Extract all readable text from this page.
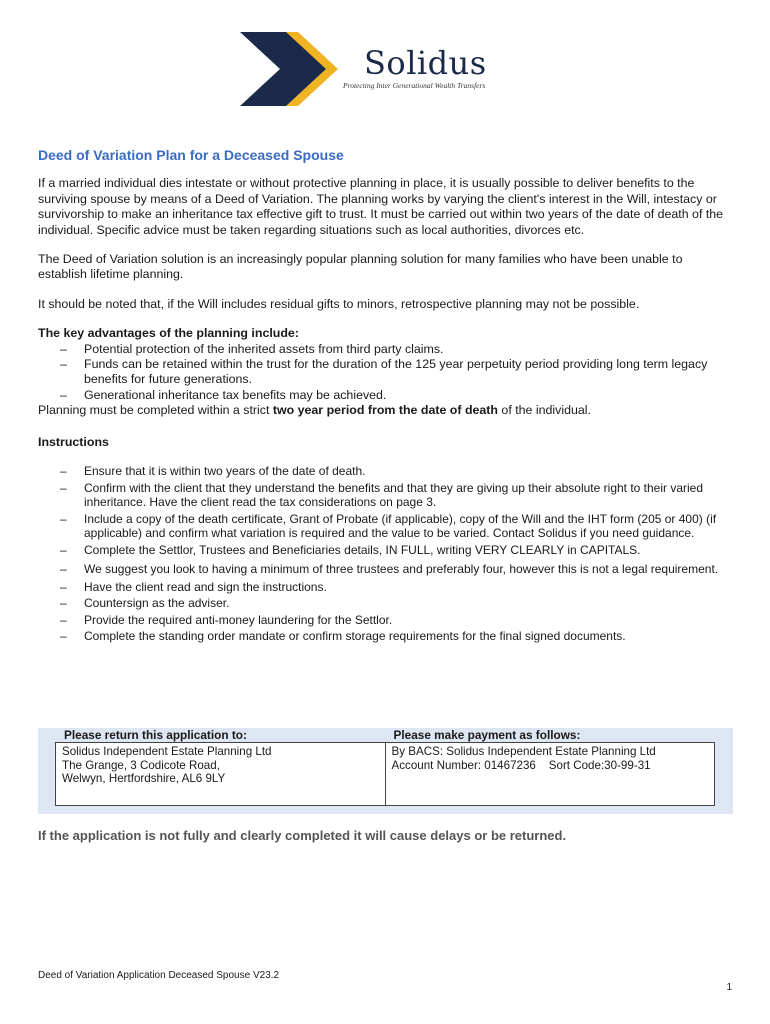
Solidus
Protecting Inter Generational Wealth Transfers
Deed of Variation Plan for a Deceased Spouse

If a married individual dies intestate or without protective planning in place, it is usually possible to deliver benefits to the surviving spouse by means of a Deed of Variation. The planning works by varying the client's interest in the Will, intestacy or survivorship to make an inheritance tax effective gift to trust. It must be carried out within two years of the date of death of the individual. Specific advice must be taken regarding situations such as local authorities, divorces etc.

The Deed of Variation solution is an increasingly popular planning solution for many families who have been unable to establish lifetime planning.

It should be noted that, if the Will includes residual gifts to minors, retrospective planning may not be possible.

The key advantages of the planning include:
– Potential protection of the inherited assets from third party claims.
– Funds can be retained within the trust for the duration of the 125 year perpetuity period providing long term legacy benefits for future generations.
– Generational inheritance tax benefits may be achieved.

Planning must be completed within a strict two year period from the date of death of the individual.

Instructions
– Ensure that it is within two years of the date of death.
– Confirm with the client that they understand the benefits and that they are giving up their absolute right to their varied inheritance. Have the client read the tax considerations on page 3.
– Include a copy of the death certificate, Grant of Probate (if applicable), copy of the Will and the IHT form (205 or 400) (if applicable) and confirm what variation is required and the value to be varied. Contact Solidus if you need guidance.
– Complete the Settlor, Trustees and Beneficiaries details, IN FULL, writing VERY CLEARLY in CAPITALS.
– We suggest you look to having a minimum of three trustees and preferably four, however this is not a legal requirement.
– Have the client read and sign the instructions.
– Countersign as the adviser.
– Provide the required anti-money laundering for the Settlor.
– Complete the standing order mandate or confirm storage requirements for the final signed documents.
Please return this application to:
Solidus Independent Estate Planning Ltd
The Grange, 3 Codicote Road,
Welwyn, Hertfordshire, AL6 9LY
Please make payment as follows:
By BACS: Solidus Independent Estate Planning Ltd
Account Number: 01467236    Sort Code:30-99-31
If the application is not fully and clearly completed it will cause delays or be returned.
Deed of Variation Application Deceased Spouse V23.2
1
